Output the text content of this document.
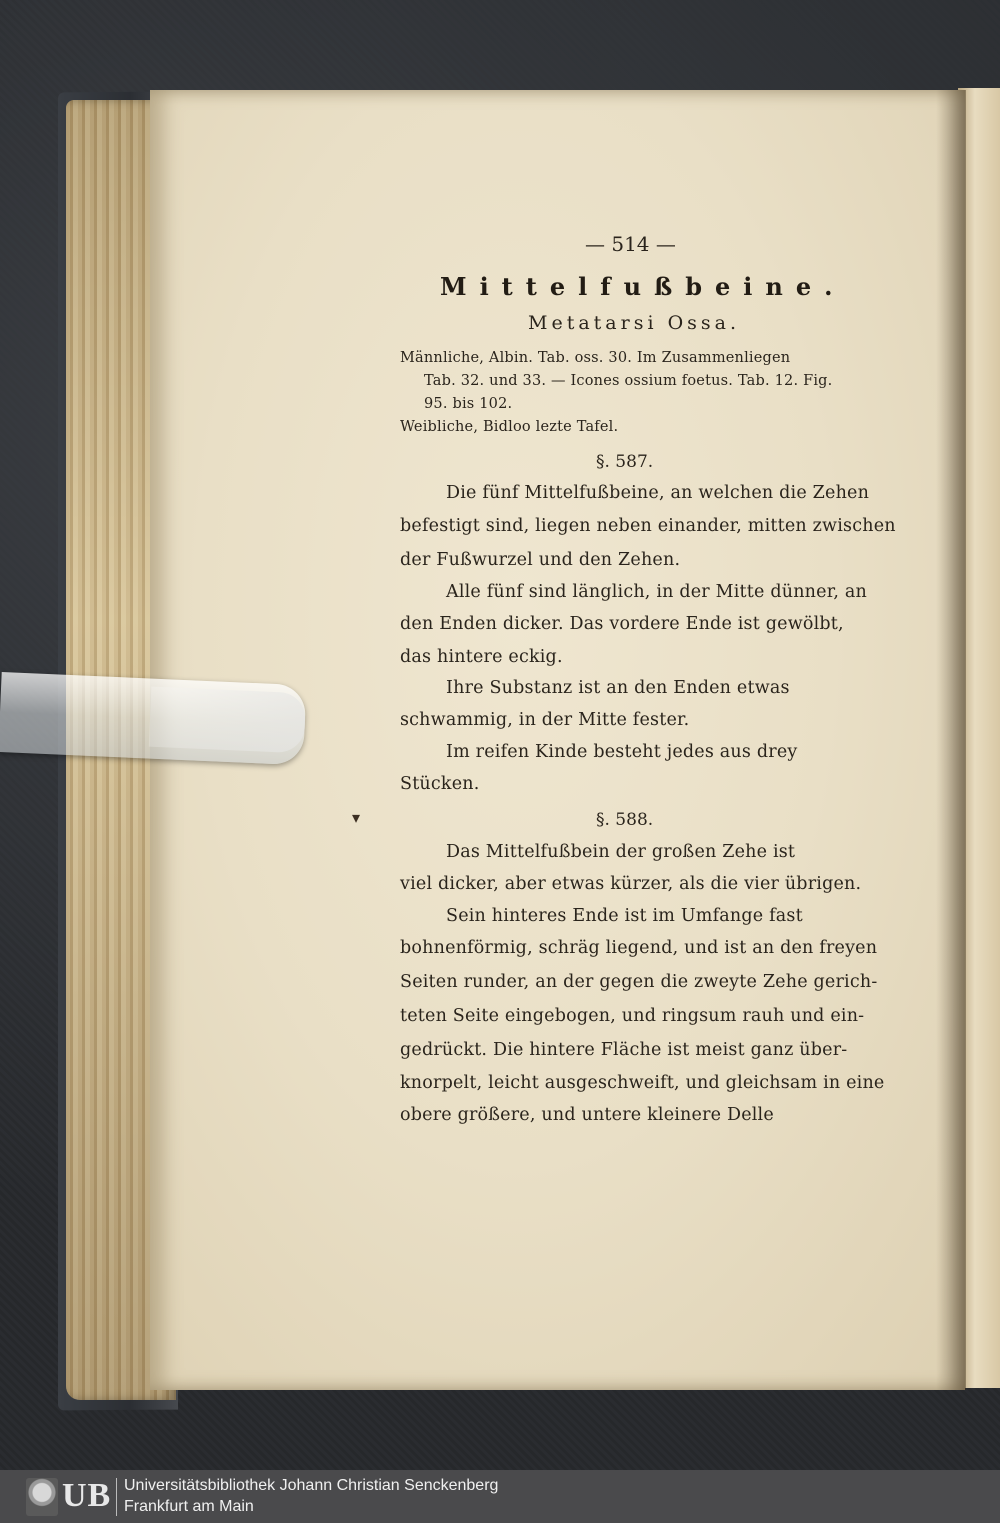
— 514 —
Mittelfußbeine.
Metatarsi Ossa.
Männliche, Albin. Tab. oss. 30. Im Zusammenliegen
Tab. 32. und 33. — Icones ossium foetus. Tab. 12. Fig.
95. bis 102.
Weibliche, Bidloo lezte Tafel.
§. 587.
Die fünf Mittelfußbeine, an welchen die Zehen
befestigt sind, liegen neben einander, mitten zwischen
der Fußwurzel und den Zehen.
Alle fünf sind länglich, in der Mitte dünner, an
den Enden dicker. Das vordere Ende ist gewölbt,
das hintere eckig.
Ihre Substanz ist an den Enden etwas
schwammig, in der Mitte fester.
Im reifen Kinde besteht jedes aus drey
Stücken.
§. 588.
Das Mittelfußbein der großen Zehe ist
viel dicker, aber etwas kürzer, als die vier übrigen.
Sein hinteres Ende ist im Umfange fast
bohnenförmig, schräg liegend, und ist an den freyen
Seiten runder, an der gegen die zweyte Zehe gerich-
teten Seite eingebogen, und ringsum rauh und ein-
gedrückt. Die hintere Fläche ist meist ganz über-
knorpelt, leicht ausgeschweift, und gleichsam in eine
obere größere, und untere kleinere Delle
▾
UB Universitätsbibliothek Johann Christian Senckenberg
Frankfurt am Main
